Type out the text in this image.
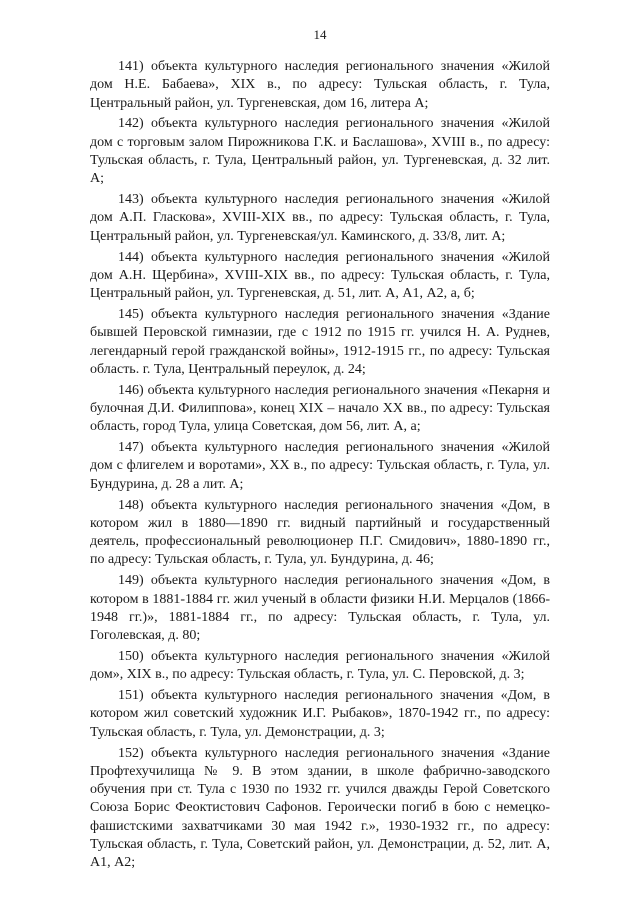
14

141) объекта культурного наследия регионального значения «Жилой дом Н.Е. Бабаева», XIX в., по адресу: Тульская область, г. Тула, Центральный район, ул. Тургеневская, дом 16, литера А;

142) объекта культурного наследия регионального значения «Жилой дом с торговым залом Пирожникова Г.К. и Баслашова», XVIII в., по адресу: Тульская область, г. Тула, Центральный район, ул. Тургеневская, д. 32 лит. А;

143) объекта культурного наследия регионального значения «Жилой дом А.П. Гласкова», XVIII-XIX вв., по адресу: Тульская область, г. Тула, Центральный район, ул. Тургеневская/ул. Каминского, д. 33/8, лит. А;

144) объекта культурного наследия регионального значения «Жилой дом А.Н. Щербина», XVIII-XIX вв., по адресу: Тульская область, г. Тула, Центральный район, ул. Тургеневская, д. 51, лит. А, А1, А2, а, б;

145) объекта культурного наследия регионального значения «Здание бывшей Перовской гимназии, где с 1912 по 1915 гг. учился Н. А. Руднев, легендарный герой гражданской войны», 1912-1915 гг., по адресу: Тульская область. г. Тула, Центральный переулок, д. 24;

146) объекта культурного наследия регионального значения «Пекарня и булочная Д.И. Филиппова», конец XIX – начало XX вв., по адресу: Тульская область, город Тула, улица Советская, дом 56, лит. А, а;

147) объекта культурного наследия регионального значения «Жилой дом с флигелем и воротами», XX в., по адресу: Тульская область, г. Тула, ул. Бундурина, д. 28 а лит. А;

148) объекта культурного наследия регионального значения «Дом, в котором жил в 1880—1890 гг. видный партийный и государственный деятель, профессиональный революционер П.Г. Смидович», 1880-1890 гг., по адресу: Тульская область, г. Тула, ул. Бундурина, д. 46;

149) объекта культурного наследия регионального значения «Дом, в котором в 1881-1884 гг. жил ученый в области физики Н.И. Мерцалов (1866-1948 гг.)», 1881-1884 гг., по адресу: Тульская область, г. Тула, ул. Гоголевская, д. 80;

150) объекта культурного наследия регионального значения «Жилой дом», XIX в., по адресу: Тульская область, г. Тула, ул. С. Перовской, д. 3;

151) объекта культурного наследия регионального значения «Дом, в котором жил советский художник И.Г. Рыбаков», 1870-1942 гг., по адресу: Тульская область, г. Тула, ул. Демонстрации, д. 3;

152) объекта культурного наследия регионального значения «Здание Профтехучилища № 9. В этом здании, в школе фабрично-заводского обучения при ст. Тула с 1930 по 1932 гг. учился дважды Герой Советского Союза Борис Феоктистович Сафонов. Героически погиб в бою с немецко-фашистскими захватчиками 30 мая 1942 г.», 1930-1932 гг., по адресу: Тульская область, г. Тула, Советский район, ул. Демонстрации, д. 52, лит. А, А1, А2;
